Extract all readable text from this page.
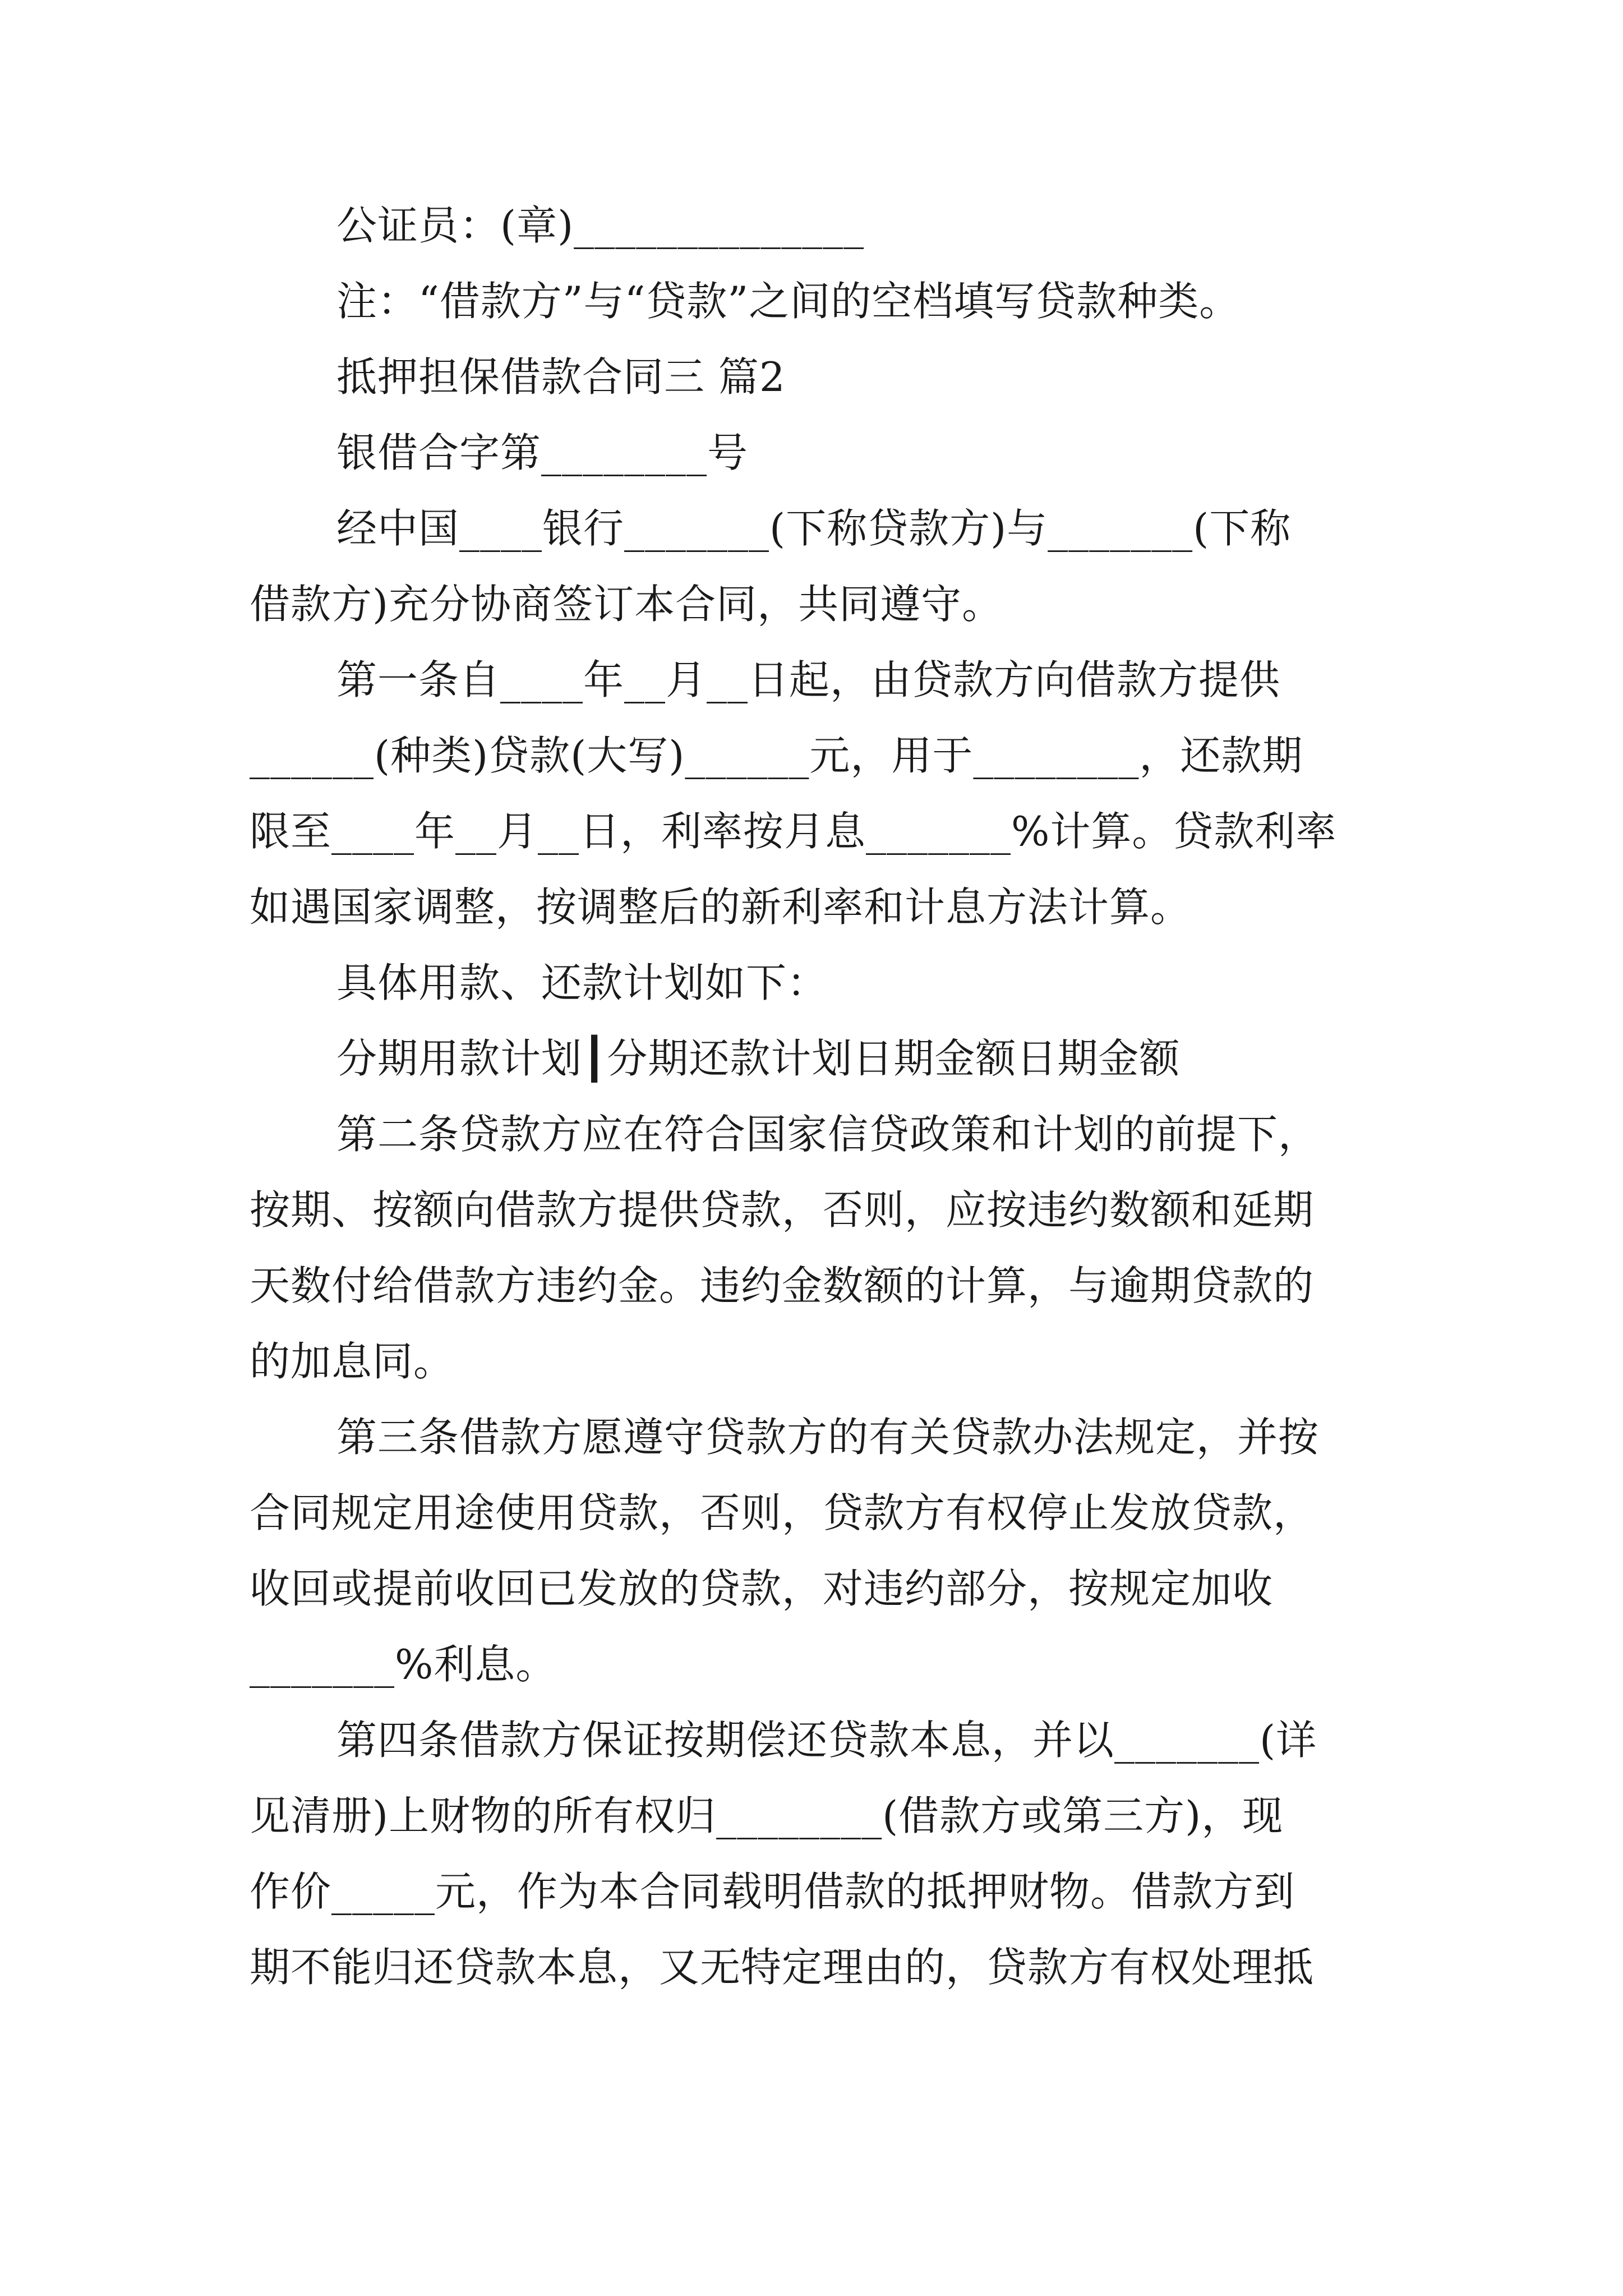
公证员：(章)______________
注：“借款方”与“贷款”之间的空档填写贷款种类。
抵押担保借款合同三 篇2
银借合字第________号
经中国____银行_______(下称贷款方)与_______(下称
借款方)充分协商签订本合同，共同遵守。
第一条自____年__月__日起，由贷款方向借款方提供
______(种类)贷款(大写)______元，用于________，还款期
限至____年__月__日，利率按月息_______%计算。贷款利率
如遇国家调整，按调整后的新利率和计息方法计算。
具体用款、还款计划如下：
分期用款计划┃分期还款计划日期金额日期金额
第二条贷款方应在符合国家信贷政策和计划的前提下，
按期、按额向借款方提供贷款，否则，应按违约数额和延期
天数付给借款方违约金。违约金数额的计算，与逾期贷款的
的加息同。
第三条借款方愿遵守贷款方的有关贷款办法规定，并按
合同规定用途使用贷款，否则，贷款方有权停止发放贷款，
收回或提前收回已发放的贷款，对违约部分，按规定加收
_______%利息。
第四条借款方保证按期偿还贷款本息，并以_______(详
见清册)上财物的所有权归________(借款方或第三方)，现
作价_____元，作为本合同载明借款的抵押财物。借款方到
期不能归还贷款本息，又无特定理由的，贷款方有权处理抵
